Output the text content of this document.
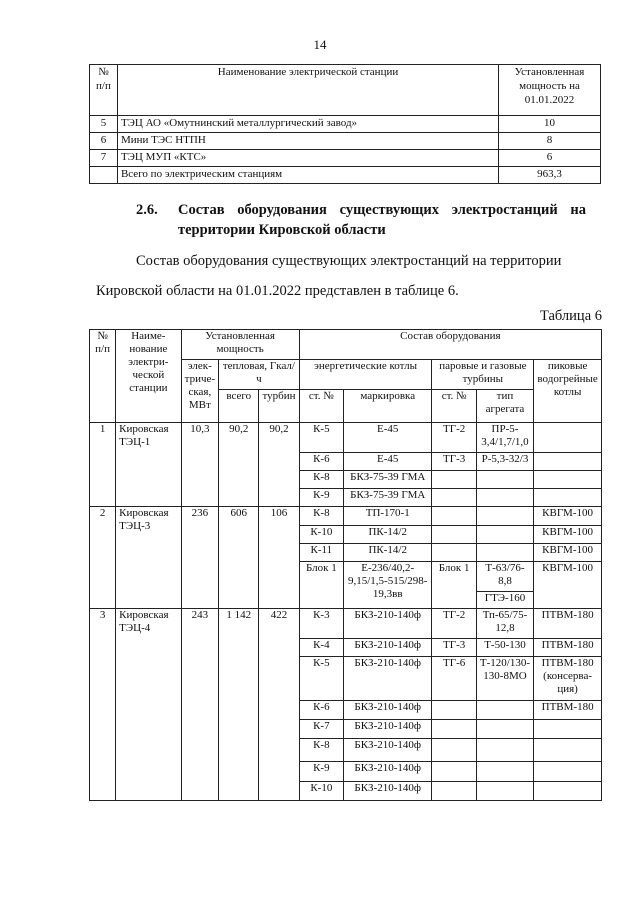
14
№ п/п	Наименование электрической станции	Установленная мощность на 01.01.2022
5	ТЭЦ АО «Омутнинский металлургический завод»	10
6	Мини ТЭС НТПН	8
7	ТЭЦ МУП «КТС»	6
	Всего по электрическим станциям	963,3
2.6. Состав оборудования существующих электростанций на территории Кировской области
Состав оборудования существующих электростанций на территории
Кировской области на 01.01.2022 представлен в таблице 6.
Таблица 6
№ п/п	Наиме-нование электри-ческой станции	Установленная мощность			Состав оборудования				
		элек-триче-ская, МВт	тепловая, Гкал/ч		энергетические котлы		паровые и газовые турбины		пиковые водогрейные котлы
			всего	турбин	ст. №	маркировка	ст. №	тип агрегата	
1	Кировская ТЭЦ-1	10,3	90,2	90,2	К-5	Е-45	ТГ-2	ПР-5-3,4/1,7/1,0	
					К-6	Е-45	ТГ-3	Р-5,3-32/3	
					К-8	БКЗ-75-39 ГМА			
					К-9	БКЗ-75-39 ГМА			
2	Кировская ТЭЦ-3	236	606	106	К-8	ТП-170-1			КВГМ-100
					К-10	ПК-14/2			КВГМ-100
					К-11	ПК-14/2			КВГМ-100
					Блок 1	Е-236/40,2-9,15/1,5-515/298-19,3вв	Блок 1	Т-63/76-8,8	КВГМ-100
								ГТЭ-160	
3	Кировская ТЭЦ-4	243	1 142	422	К-3	БКЗ-210-140ф	ТГ-2	Тп-65/75-12,8	ПТВМ-180
					К-4	БКЗ-210-140ф	ТГ-3	Т-50-130	ПТВМ-180
					К-5	БКЗ-210-140ф	ТГ-6	Т-120/130-130-8МО	ПТВМ-180 (консерва-ция)
					К-6	БКЗ-210-140ф			ПТВМ-180
					К-7	БКЗ-210-140ф			
					К-8	БКЗ-210-140ф			
					К-9	БКЗ-210-140ф			
					К-10	БКЗ-210-140ф			
